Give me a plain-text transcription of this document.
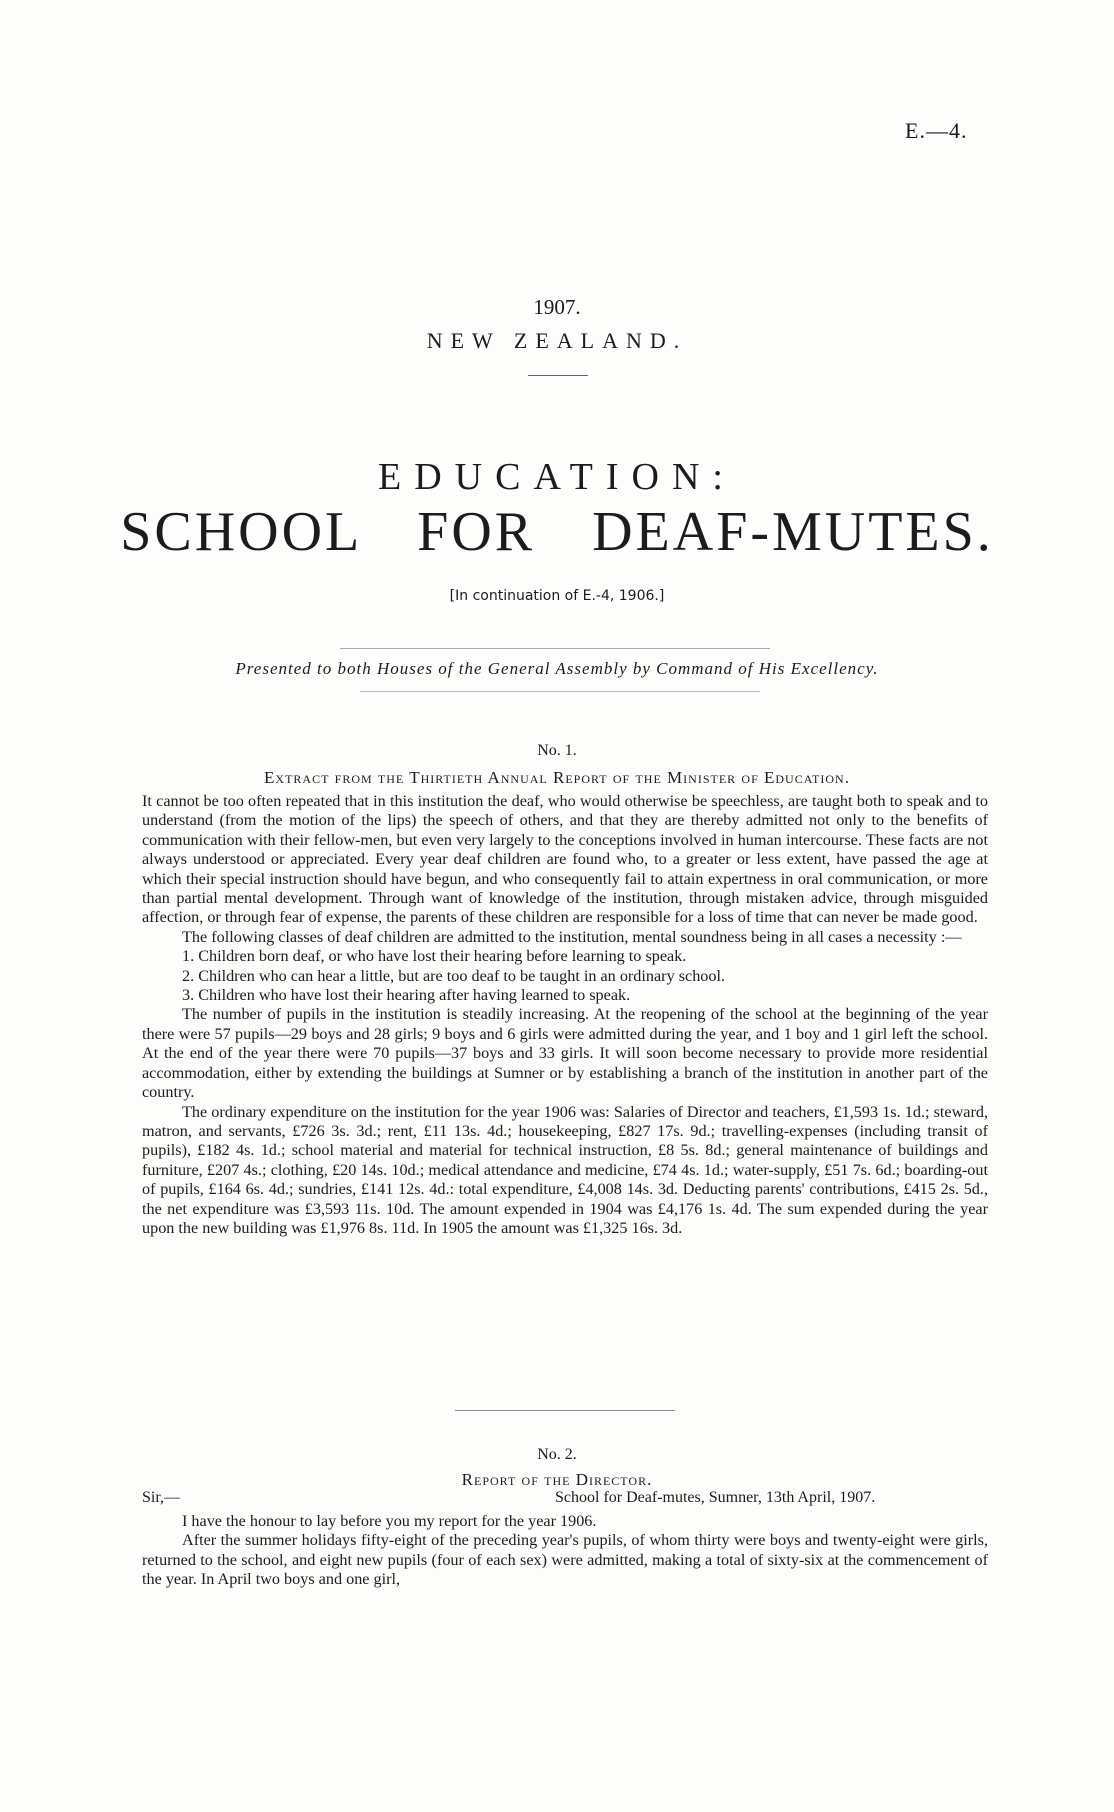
E.—4.
1907.
NEW ZEALAND.
EDUCATION:
SCHOOL FOR DEAF-MUTES.
[In continuation of E.-4, 1906.]
Presented to both Houses of the General Assembly by Command of His Excellency.
No. 1.
Extract from the Thirtieth Annual Report of the Minister of Education.

It cannot be too often repeated that in this institution the deaf, who would otherwise be speechless, are taught both to speak and to understand (from the motion of the lips) the speech of others, and that they are thereby admitted not only to the benefits of communication with their fellow-men, but even very largely to the conceptions involved in human intercourse. These facts are not always understood or appreciated. Every year deaf children are found who, to a greater or less extent, have passed the age at which their special instruction should have begun, and who consequently fail to attain expertness in oral communication, or more than partial mental development. Through want of knowledge of the institution, through mistaken advice, through misguided affection, or through fear of expense, the parents of these children are responsible for a loss of time that can never be made good.

The following classes of deaf children are admitted to the institution, mental soundness being in all cases a necessity :—

1. Children born deaf, or who have lost their hearing before learning to speak.

2. Children who can hear a little, but are too deaf to be taught in an ordinary school.

3. Children who have lost their hearing after having learned to speak.

The number of pupils in the institution is steadily increasing. At the reopening of the school at the beginning of the year there were 57 pupils—29 boys and 28 girls; 9 boys and 6 girls were admitted during the year, and 1 boy and 1 girl left the school. At the end of the year there were 70 pupils—37 boys and 33 girls. It will soon become necessary to provide more residential accommodation, either by extending the buildings at Sumner or by establishing a branch of the institution in another part of the country.

The ordinary expenditure on the institution for the year 1906 was: Salaries of Director and teachers, £1,593 1s. 1d.; steward, matron, and servants, £726 3s. 3d.; rent, £11 13s. 4d.; housekeeping, £827 17s. 9d.; travelling-expenses (including transit of pupils), £182 4s. 1d.; school material and material for technical instruction, £8 5s. 8d.; general maintenance of buildings and furniture, £207 4s.; clothing, £20 14s. 10d.; medical attendance and medicine, £74 4s. 1d.; water-supply, £51 7s. 6d.; boarding-out of pupils, £164 6s. 4d.; sundries, £141 12s. 4d.: total expenditure, £4,008 14s. 3d. Deducting parents' contributions, £415 2s. 5d., the net expenditure was £3,593 11s. 10d. The amount expended in 1904 was £4,176 1s. 4d. The sum expended during the year upon the new building was £1,976 8s. 11d. In 1905 the amount was £1,325 16s. 3d.

No. 2.
Report of the Director.
Sir,—	School for Deaf-mutes, Sumner, 13th April, 1907.

I have the honour to lay before you my report for the year 1906.

After the summer holidays fifty-eight of the preceding year's pupils, of whom thirty were boys and twenty-eight were girls, returned to the school, and eight new pupils (four of each sex) were admitted, making a total of sixty-six at the commencement of the year. In April two boys and one girl,
